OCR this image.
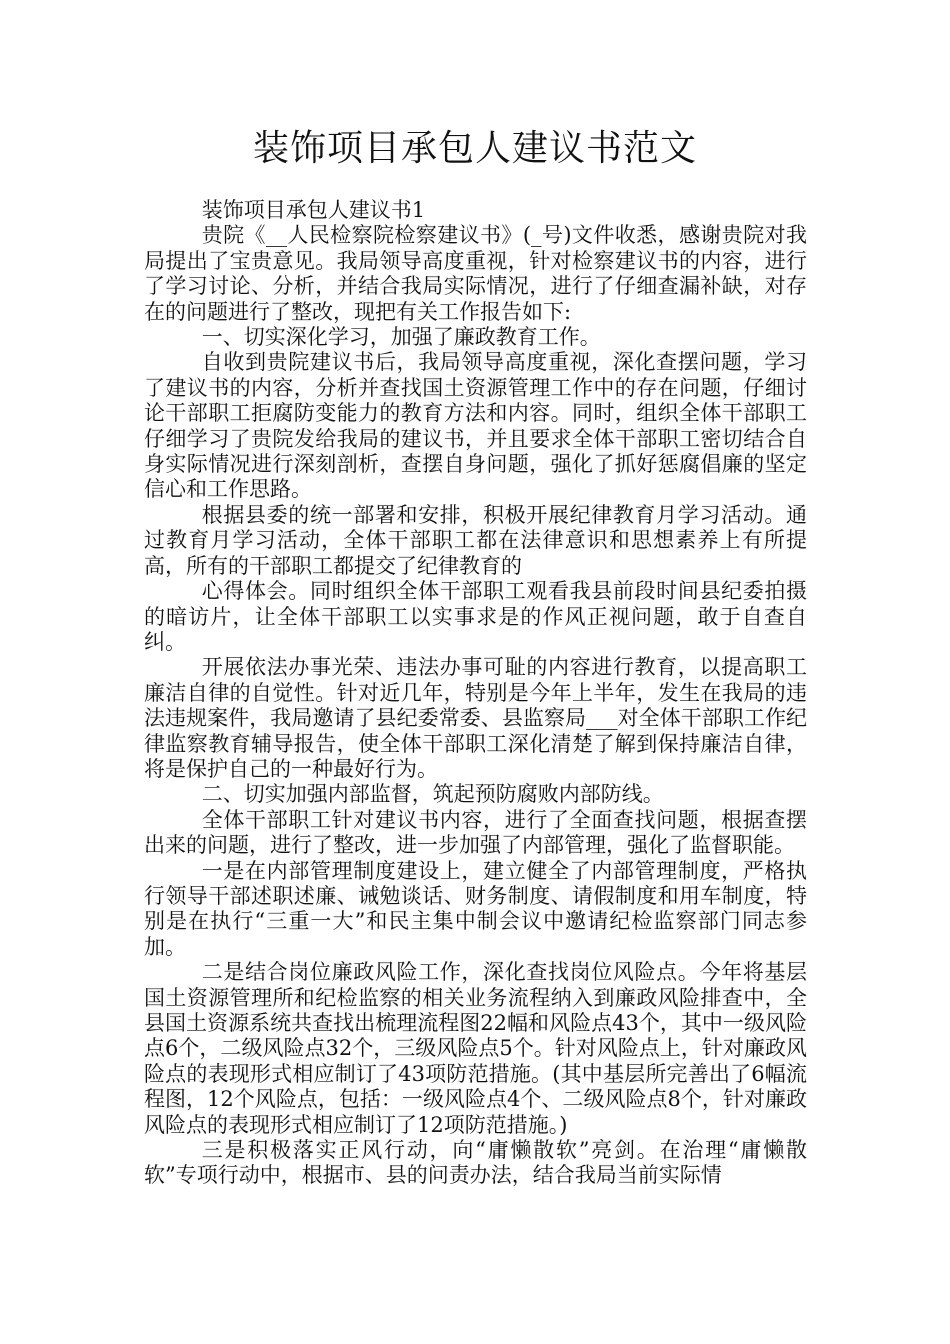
装饰项目承包人建议书范文

装饰项目承包人建议书1

贵院《__人民检察院检察建议书》(_号)文件收悉，感谢贵院对我局提出了宝贵意见。我局领导高度重视，针对检察建议书的内容，进行了学习讨论、分析，并结合我局实际情况，进行了仔细查漏补缺，对存在的问题进行了整改，现把有关工作报告如下:

一、切实深化学习，加强了廉政教育工作。

自收到贵院建议书后，我局领导高度重视，深化查摆问题，学习了建议书的内容，分析并查找国土资源管理工作中的存在问题，仔细讨论干部职工拒腐防变能力的教育方法和内容。同时，组织全体干部职工仔细学习了贵院发给我局的建议书，并且要求全体干部职工密切结合自身实际情况进行深刻剖析，查摆自身问题，强化了抓好惩腐倡廉的坚定信心和工作思路。

根据县委的统一部署和安排，积极开展纪律教育月学习活动。通过教育月学习活动，全体干部职工都在法律意识和思想素养上有所提高，所有的干部职工都提交了纪律教育的

心得体会。同时组织全体干部职工观看我县前段时间县纪委拍摄的暗访片，让全体干部职工以实事求是的作风正视问题，敢于自查自纠。

开展依法办事光荣、违法办事可耻的内容进行教育，以提高职工廉洁自律的自觉性。针对近几年，特别是今年上半年，发生在我局的违法违规案件，我局邀请了县纪委常委、县监察局___对全体干部职工作纪律监察教育辅导报告，使全体干部职工深化清楚了解到保持廉洁自律，将是保护自己的一种最好行为。

二、切实加强内部监督，筑起预防腐败内部防线。

全体干部职工针对建议书内容，进行了全面查找问题，根据查摆出来的问题，进行了整改，进一步加强了内部管理，强化了监督职能。

一是在内部管理制度建设上，建立健全了内部管理制度，严格执行领导干部述职述廉、诫勉谈话、财务制度、请假制度和用车制度，特别是在执行“三重一大”和民主集中制会议中邀请纪检监察部门同志参加。

二是结合岗位廉政风险工作，深化查找岗位风险点。今年将基层国土资源管理所和纪检监察的相关业务流程纳入到廉政风险排查中，全县国土资源系统共查找出梳理流程图22幅和风险点43个，其中一级风险点6个，二级风险点32个，三级风险点5个。针对风险点上，针对廉政风险点的表现形式相应制订了43项防范措施。(其中基层所完善出了6幅流程图，12个风险点，包括：一级风险点4个、二级风险点8个，针对廉政风险点的表现形式相应制订了12项防范措施。)

三是积极落实正风行动，向“庸懒散软”亮剑。在治理“庸懒散软”专项行动中，根据市、县的问责办法，结合我局当前实际情
